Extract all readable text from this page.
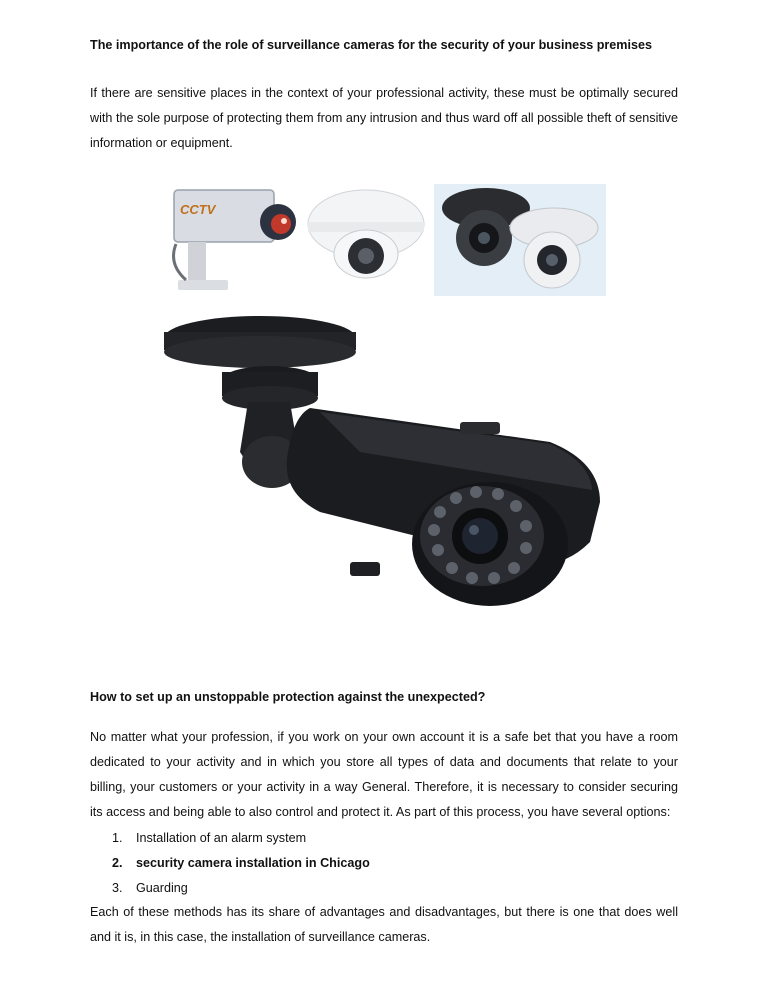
The importance of the role of surveillance cameras for the security of your business premises
If there are sensitive places in the context of your professional activity, these must be optimally secured with the sole purpose of protecting them from any intrusion and thus ward off all possible theft of sensitive information or equipment.
CCTV
How to set up an unstoppable protection against the unexpected?
No matter what your profession, if you work on your own account it is a safe bet that you have a room dedicated to your activity and in which you store all types of data and documents that relate to your billing, your customers or your activity in a way General. Therefore, it is necessary to consider securing its access and being able to also control and protect it. As part of this process, you have several options:
1. Installation of an alarm system
2. security camera installation in Chicago
3. Guarding
Each of these methods has its share of advantages and disadvantages, but there is one that does well and it is, in this case, the installation of surveillance cameras.
